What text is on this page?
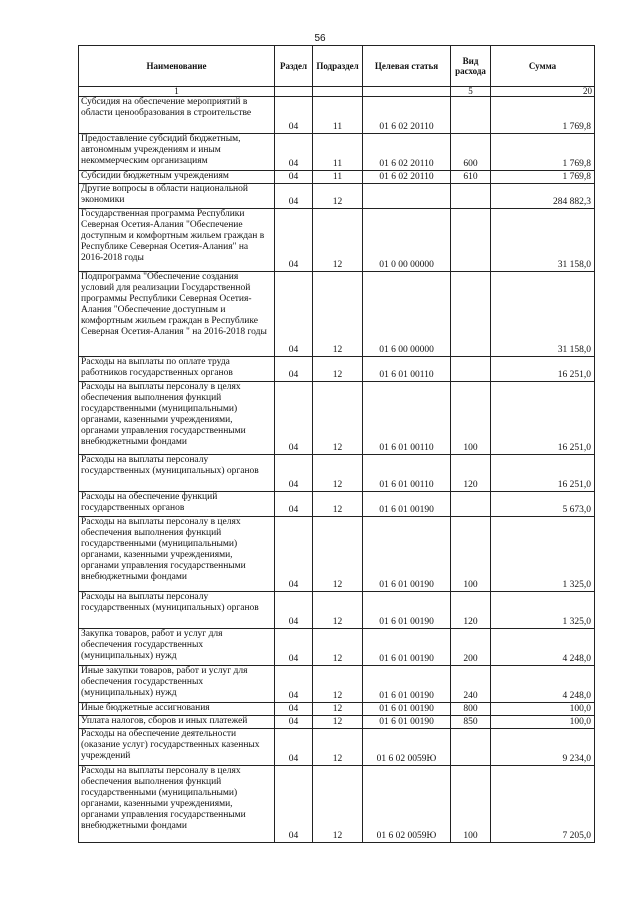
56
Наименование	Раздел	Подраздел	Целевая статья	Вид расхода	Сумма
1				5	20
Субсидия на обеспечение мероприятий в области ценообразования в строительстве	04	11	01 6 02 20110		1 769,8
Предоставление субсидий бюджетным, автономным учреждениям и иным некоммерческим организациям	04	11	01 6 02 20110	600	1 769,8
Субсидии бюджетным учреждениям	04	11	01 6 02 20110	610	1 769,8
Другие вопросы в области национальной экономики	04	12			284 882,3
Государственная программа Республики Северная Осетия-Алания "Обеспечение доступным и комфортным жильем граждан в Республике Северная Осетия-Алания" на 2016-2018 годы	04	12	01 0 00 00000		31 158,0
Подпрограмма "Обеспечение создания условий для реализации Государственной программы Республики Северная Осетия-Алания "Обеспечение доступным и комфортным жильем граждан в Республике Северная Осетия-Алания " на 2016-2018 годы	04	12	01 6 00 00000		31 158,0
Расходы на выплаты по оплате труда работников государственных органов	04	12	01 6 01 00110		16 251,0
Расходы на выплаты персоналу в целях обеспечения выполнения функций государственными (муниципальными) органами, казенными учреждениями, органами управления государственными внебюджетными фондами	04	12	01 6 01 00110	100	16 251,0
Расходы на выплаты персоналу государственных (муниципальных) органов	04	12	01 6 01 00110	120	16 251,0
Расходы на обеспечение функций государственных органов	04	12	01 6 01 00190		5 673,0
Расходы на выплаты персоналу в целях обеспечения выполнения функций государственными (муниципальными) органами, казенными учреждениями, органами управления государственными внебюджетными фондами	04	12	01 6 01 00190	100	1 325,0
Расходы на выплаты персоналу государственных (муниципальных) органов	04	12	01 6 01 00190	120	1 325,0
Закупка товаров, работ и услуг для обеспечения государственных (муниципальных) нужд	04	12	01 6 01 00190	200	4 248,0
Иные закупки товаров, работ и услуг для обеспечения государственных (муниципальных) нужд	04	12	01 6 01 00190	240	4 248,0
Иные бюджетные ассигнования	04	12	01 6 01 00190	800	100,0
Уплата налогов, сборов и иных платежей	04	12	01 6 01 00190	850	100,0
Расходы на обеспечение деятельности (оказание услуг) государственных казенных учреждений	04	12	01 6 02 0059Ю		9 234,0
Расходы на выплаты персоналу в целях обеспечения выполнения функций государственными (муниципальными) органами, казенными учреждениями, органами управления государственными внебюджетными фондами	04	12	01 6 02 0059Ю	100	7 205,0
